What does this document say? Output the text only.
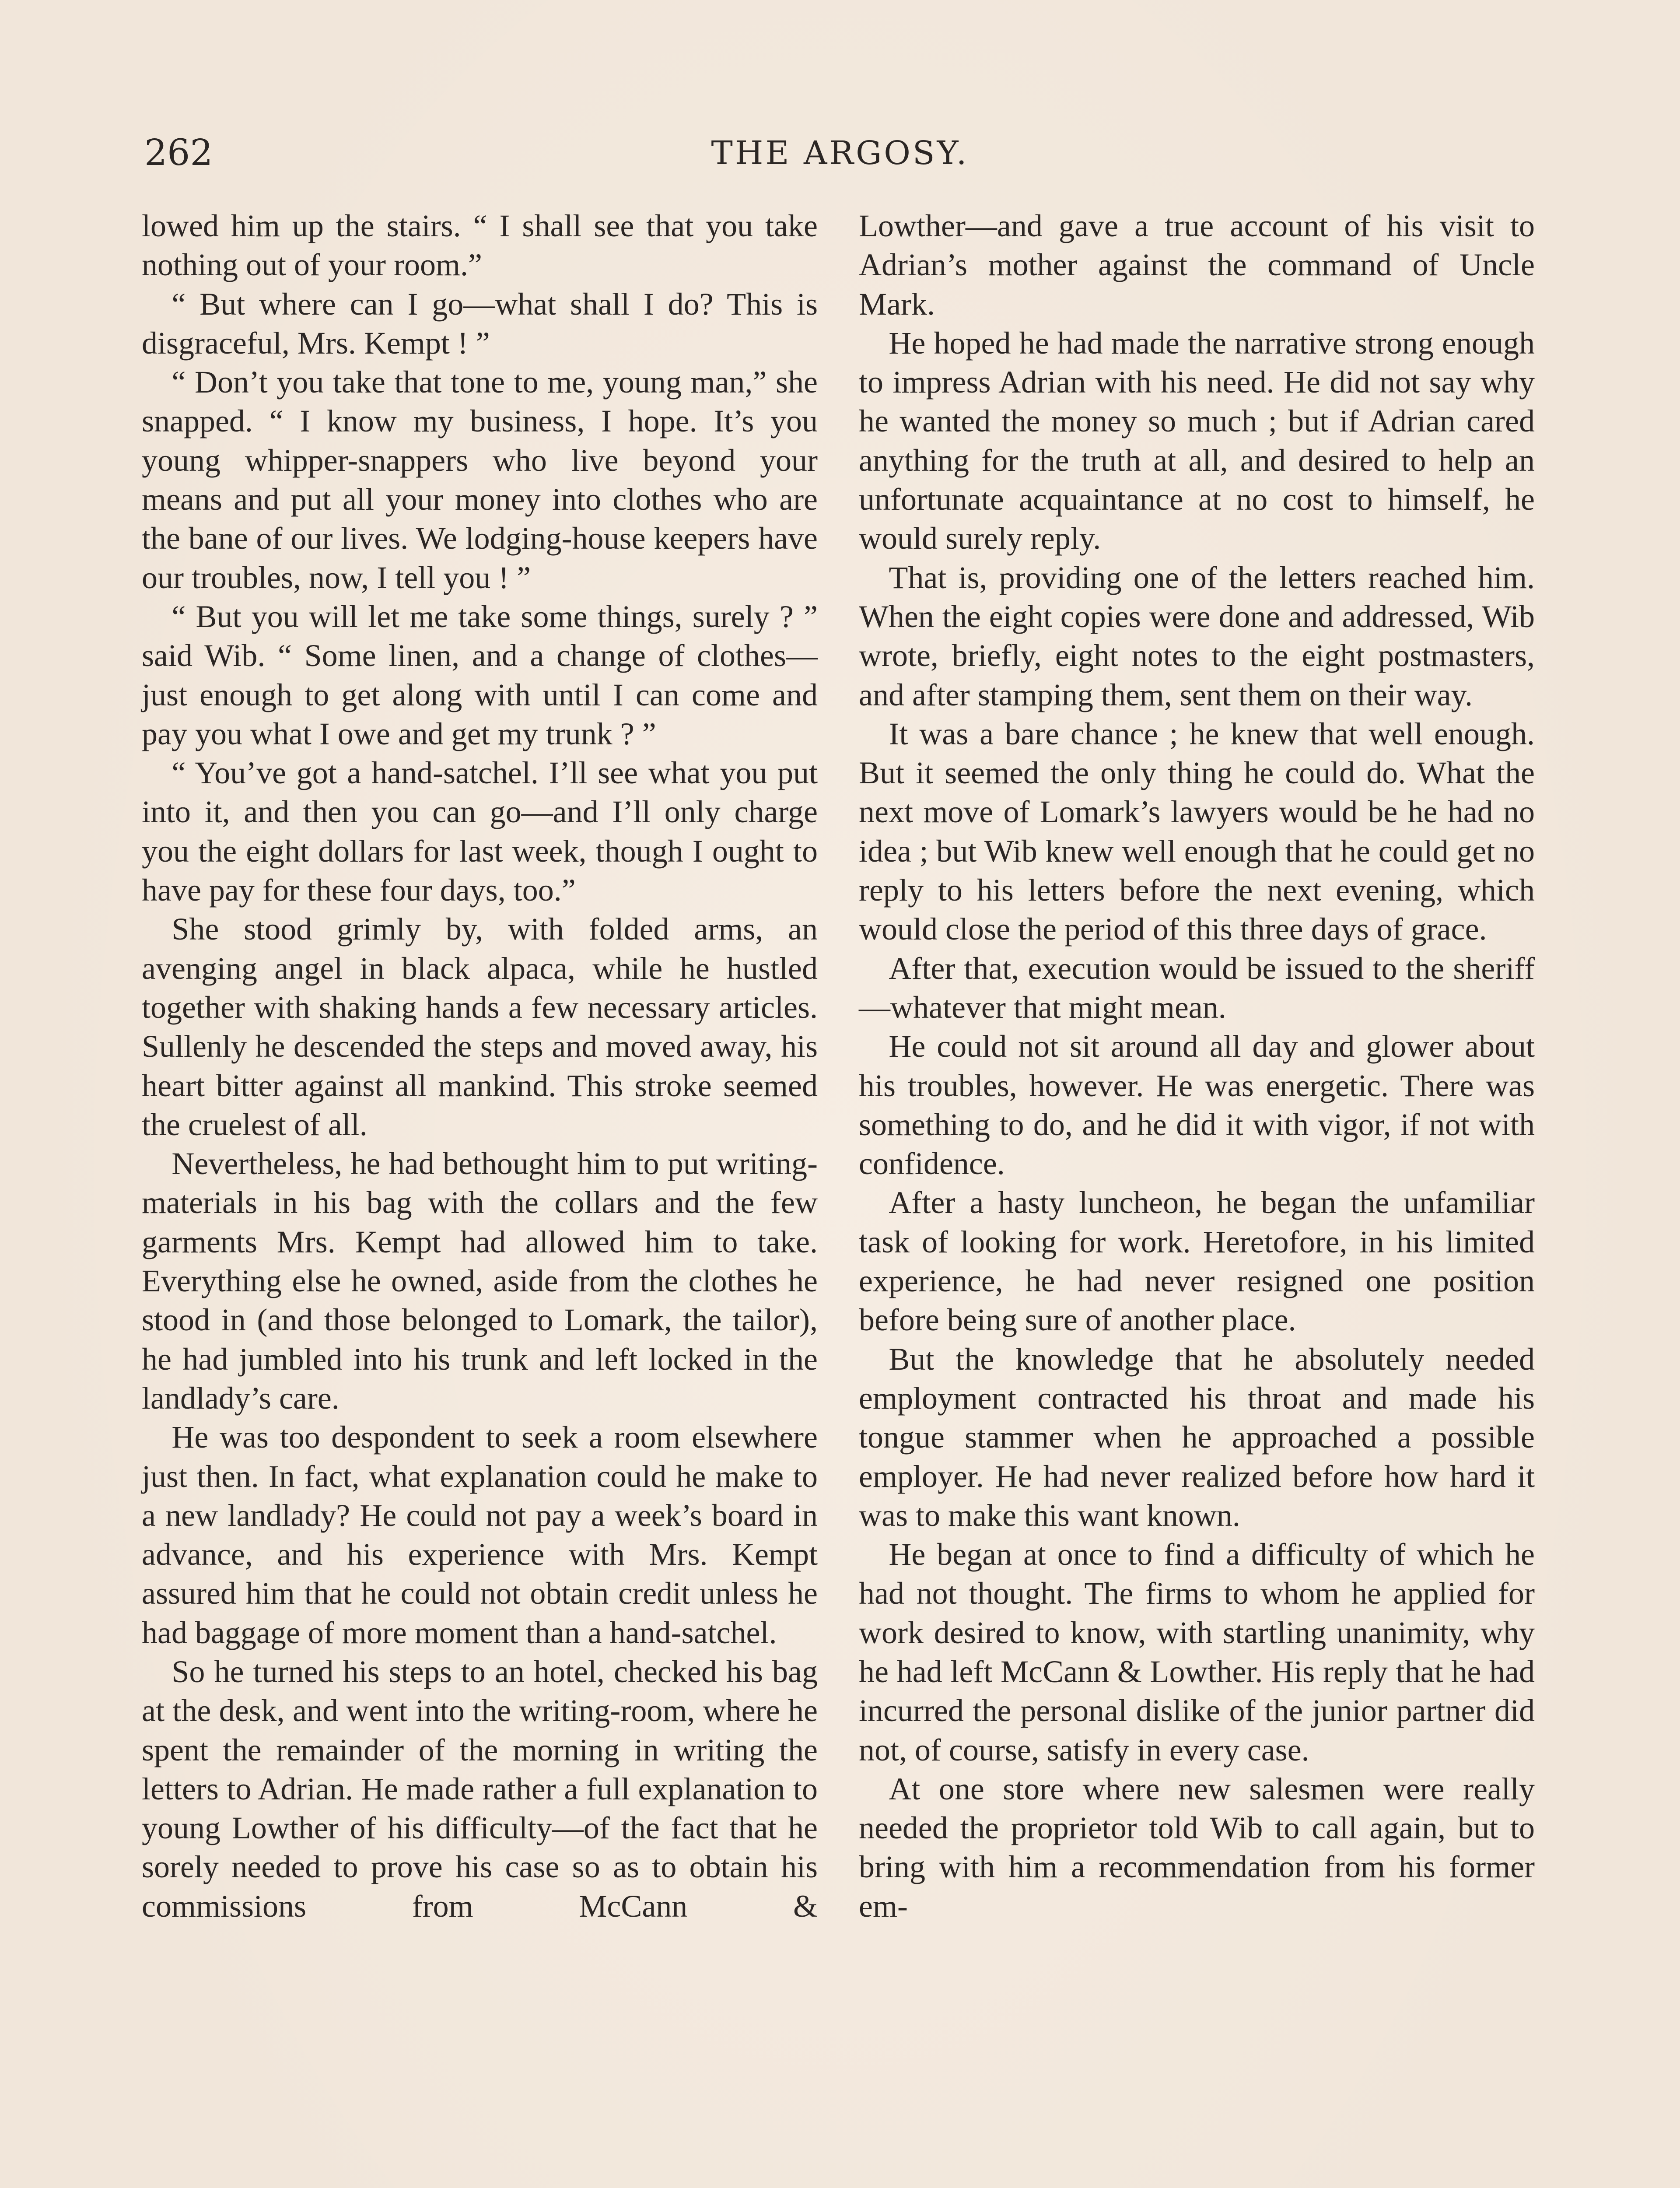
262	THE ARGOSY.

lowed him up the stairs. “ I shall see that you take nothing out of your room.”

“ But where can I go—what shall I do? This is disgraceful, Mrs. Kempt ! ”

“ Don’t you take that tone to me, young man,” she snapped. “ I know my business, I hope. It’s you young whipper-snappers who live beyond your means and put all your money into clothes who are the bane of our lives. We lodging-house keepers have our troubles, now, I tell you ! ”

“ But you will let me take some things, surely ? ” said Wib. “ Some linen, and a change of clothes—just enough to get along with until I can come and pay you what I owe and get my trunk ? ”

“ You’ve got a hand-satchel. I’ll see what you put into it, and then you can go—and I’ll only charge you the eight dollars for last week, though I ought to have pay for these four days, too.”

She stood grimly by, with folded arms, an avenging angel in black alpaca, while he hustled together with shaking hands a few necessary articles. Sullenly he descended the steps and moved away, his heart bitter against all mankind. This stroke seemed the cruelest of all.

Nevertheless, he had bethought him to put writing-materials in his bag with the collars and the few garments Mrs. Kempt had allowed him to take. Everything else he owned, aside from the clothes he stood in (and those belonged to Lomark, the tailor), he had jumbled into his trunk and left locked in the landlady’s care.

He was too despondent to seek a room elsewhere just then. In fact, what explanation could he make to a new landlady? He could not pay a week’s board in advance, and his experience with Mrs. Kempt assured him that he could not obtain credit unless he had baggage of more moment than a hand-satchel.

So he turned his steps to an hotel, checked his bag at the desk, and went into the writing-room, where he spent the remainder of the morning in writing the letters to Adrian. He made rather a full explanation to young Lowther of his difficulty—of the fact that he sorely needed to prove his case so as to obtain his commissions from McCann &

Lowther—and gave a true account of his visit to Adrian’s mother against the command of Uncle Mark.

He hoped he had made the narrative strong enough to impress Adrian with his need. He did not say why he wanted the money so much ; but if Adrian cared anything for the truth at all, and desired to help an unfortunate acquaintance at no cost to himself, he would surely reply.

That is, providing one of the letters reached him. When the eight copies were done and addressed, Wib wrote, briefly, eight notes to the eight postmasters, and after stamping them, sent them on their way.

It was a bare chance ; he knew that well enough. But it seemed the only thing he could do. What the next move of Lomark’s lawyers would be he had no idea ; but Wib knew well enough that he could get no reply to his letters before the next evening, which would close the period of this three days of grace.

After that, execution would be issued to the sheriff—whatever that might mean.

He could not sit around all day and glower about his troubles, however. He was energetic. There was something to do, and he did it with vigor, if not with confidence.

After a hasty luncheon, he began the unfamiliar task of looking for work. Heretofore, in his limited experience, he had never resigned one position before being sure of another place.

But the knowledge that he absolutely needed employment contracted his throat and made his tongue stammer when he approached a possible employer. He had never realized before how hard it was to make this want known.

He began at once to find a difficulty of which he had not thought. The firms to whom he applied for work desired to know, with startling unanimity, why he had left McCann & Lowther. His reply that he had incurred the personal dislike of the junior partner did not, of course, satisfy in every case.

At one store where new salesmen were really needed the proprietor told Wib to call again, but to bring with him a recommendation from his former em-
